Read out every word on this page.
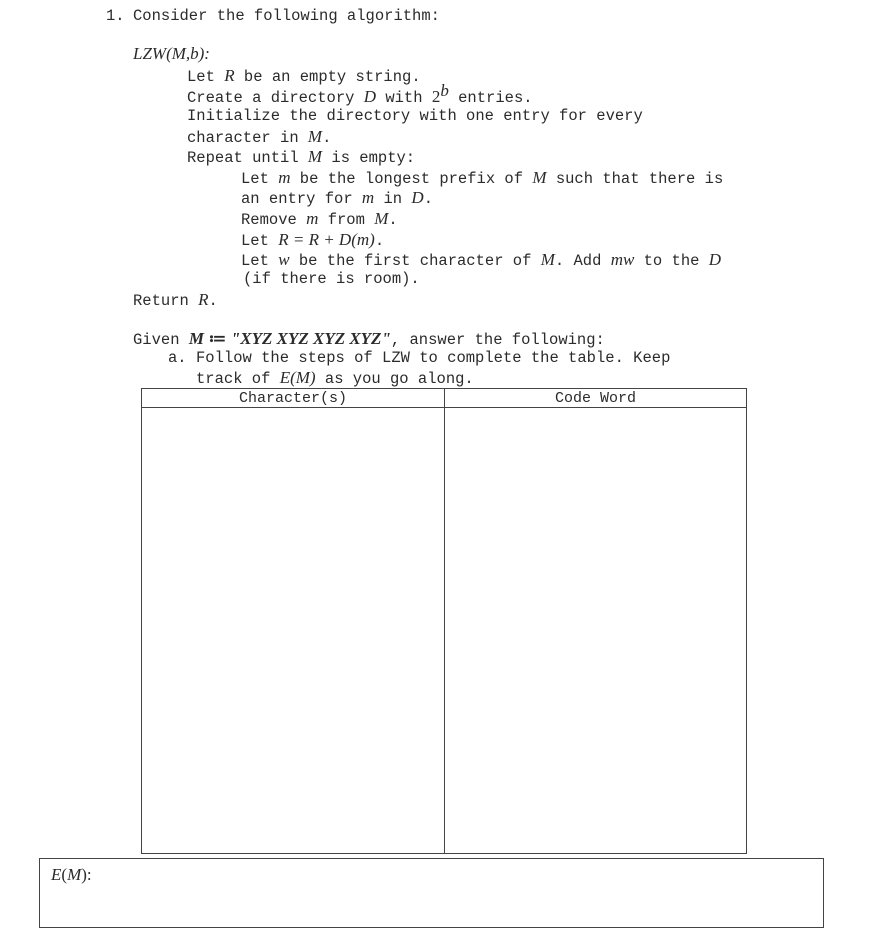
1. Consider the following algorithm:
LZW(M,b):
Let R be an empty string.
Create a directory D with 2$^b$ entries.
Initialize the directory with one entry for every
character in M.
Repeat until M is empty:
Let m be the longest prefix of M such that there is
an entry for m in D.
Remove m from M.
Let R = R + D(m).
Let w be the first character of M. Add mw to the D
(if there is room).
Return R.
Given M ≔ "XYZ XYZ XYZ XYZ", answer the following:
a. Follow the steps of LZW to complete the table. Keep
track of E(M) as you go along.
Character(s)	Code Word
E(M):
